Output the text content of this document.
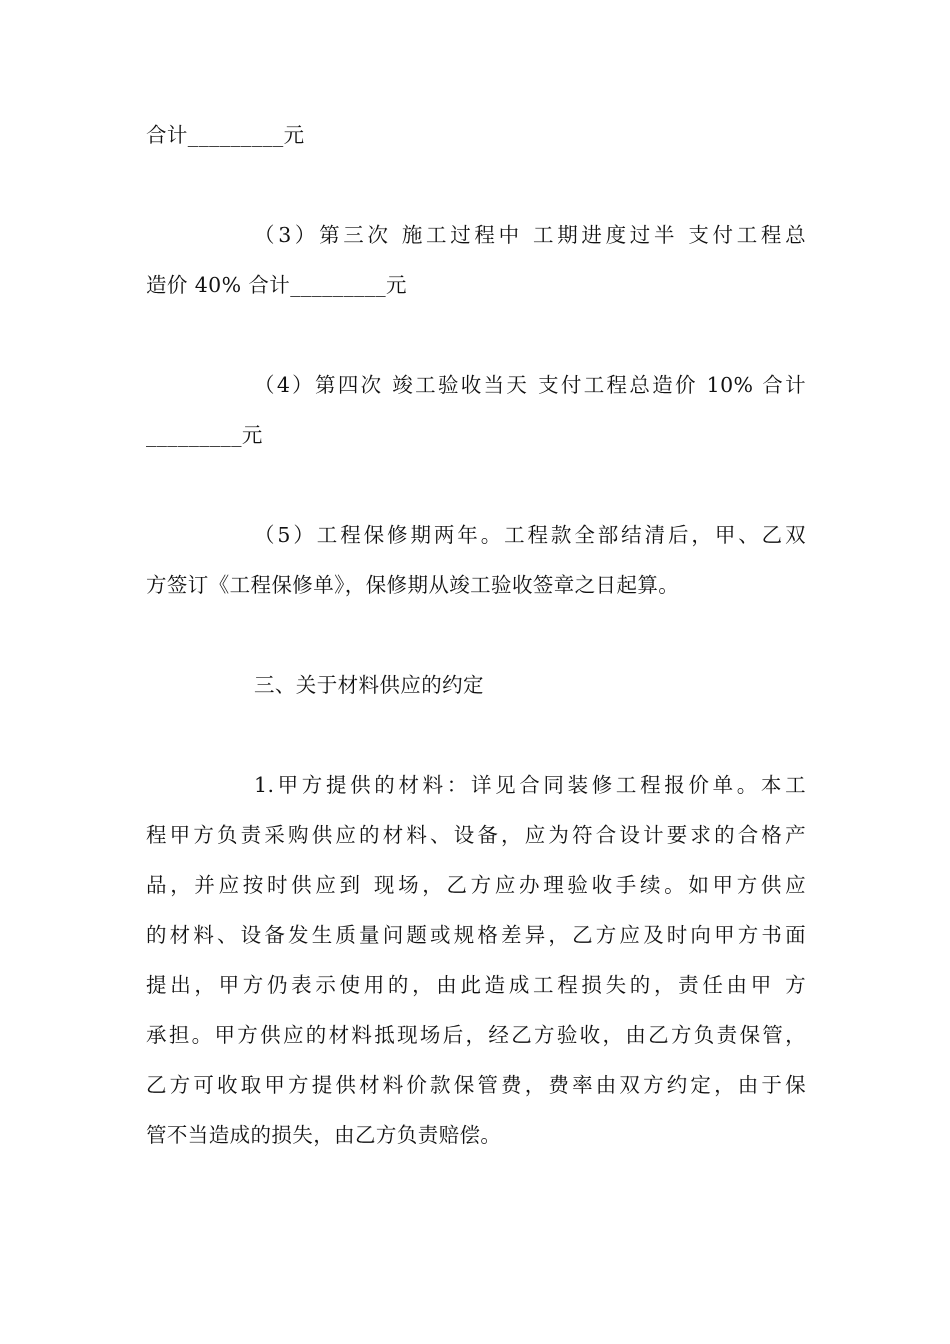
合计_________元
（3）第三次 施工过程中 工期进度过半 支付工程总
造价 40% 合计_________元
（4）第四次 竣工验收当天 支付工程总造价 10% 合计
_________元
（5）工程保修期两年。工程款全部结清后，甲、乙双
方签订《工程保修单》，保修期从竣工验收签章之日起算。
三、关于材料供应的约定
1.甲方提供的材料：详见合同装修工程报价单。本工
程甲方负责采购供应的材料、设备，应为符合设计要求的合格产
品，并应按时供应到 现场，乙方应办理验收手续。如甲方供应
的材料、设备发生质量问题或规格差异，乙方应及时向甲方书面
提出，甲方仍表示使用的，由此造成工程损失的，责任由甲 方
承担。甲方供应的材料抵现场后，经乙方验收，由乙方负责保管，
乙方可收取甲方提供材料价款保管费，费率由双方约定，由于保
管不当造成的损失，由乙方负责赔偿。
